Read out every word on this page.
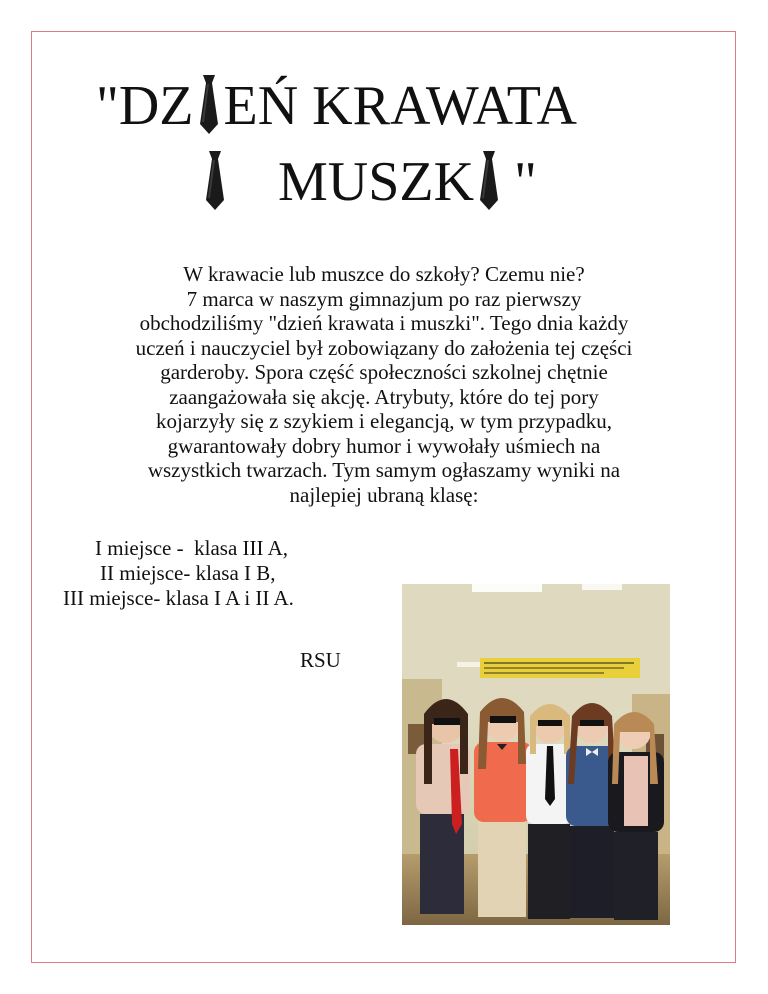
"DZ EŃ KRAWATA
MUSZK "

W krawacie lub muszce do szkoły? Czemu nie?

7 marca w naszym gimnazjum po raz pierwszy

obchodziliśmy "dzień krawata i muszki". Tego dnia każdy

uczeń i nauczyciel był zobowiązany do założenia tej części

garderoby. Spora część społeczności szkolnej chętnie

zaangażowała się akcję. Atrybuty, które do tej pory

kojarzyły się z szykiem i elegancją, w tym przypadku,

gwarantowały dobry humor i wywołały uśmiech na

wszystkich twarzach. Tym samym ogłaszamy wyniki na

najlepiej ubraną klasę:

I miejsce -  klasa III A,
II miejsce- klasa I B,
III miejsce- klasa I A i II A.
RSU
